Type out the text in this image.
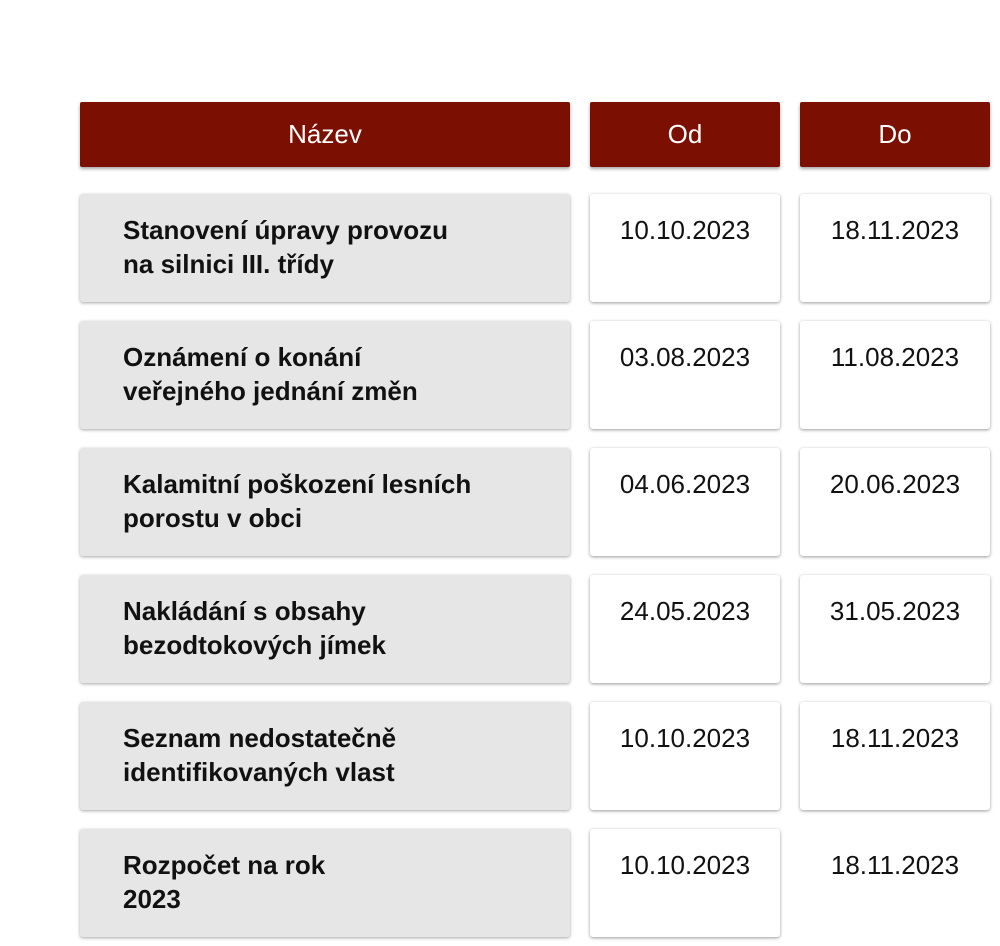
Název	Od	Do
Stanovení úpravy provozu
na silnici III. třídy
10.10.2023	18.11.2023
Oznámení o konání
veřejného jednání změn
03.08.2023	11.08.2023
Kalamitní poškození lesních
porostu v obci
04.06.2023	20.06.2023
Nakládání s obsahy
bezodtokových jímek
24.05.2023	31.05.2023
Seznam nedostatečně
identifikovaných vlast
10.10.2023	18.11.2023
Rozpočet na rok
2023
10.10.2023	18.11.2023
